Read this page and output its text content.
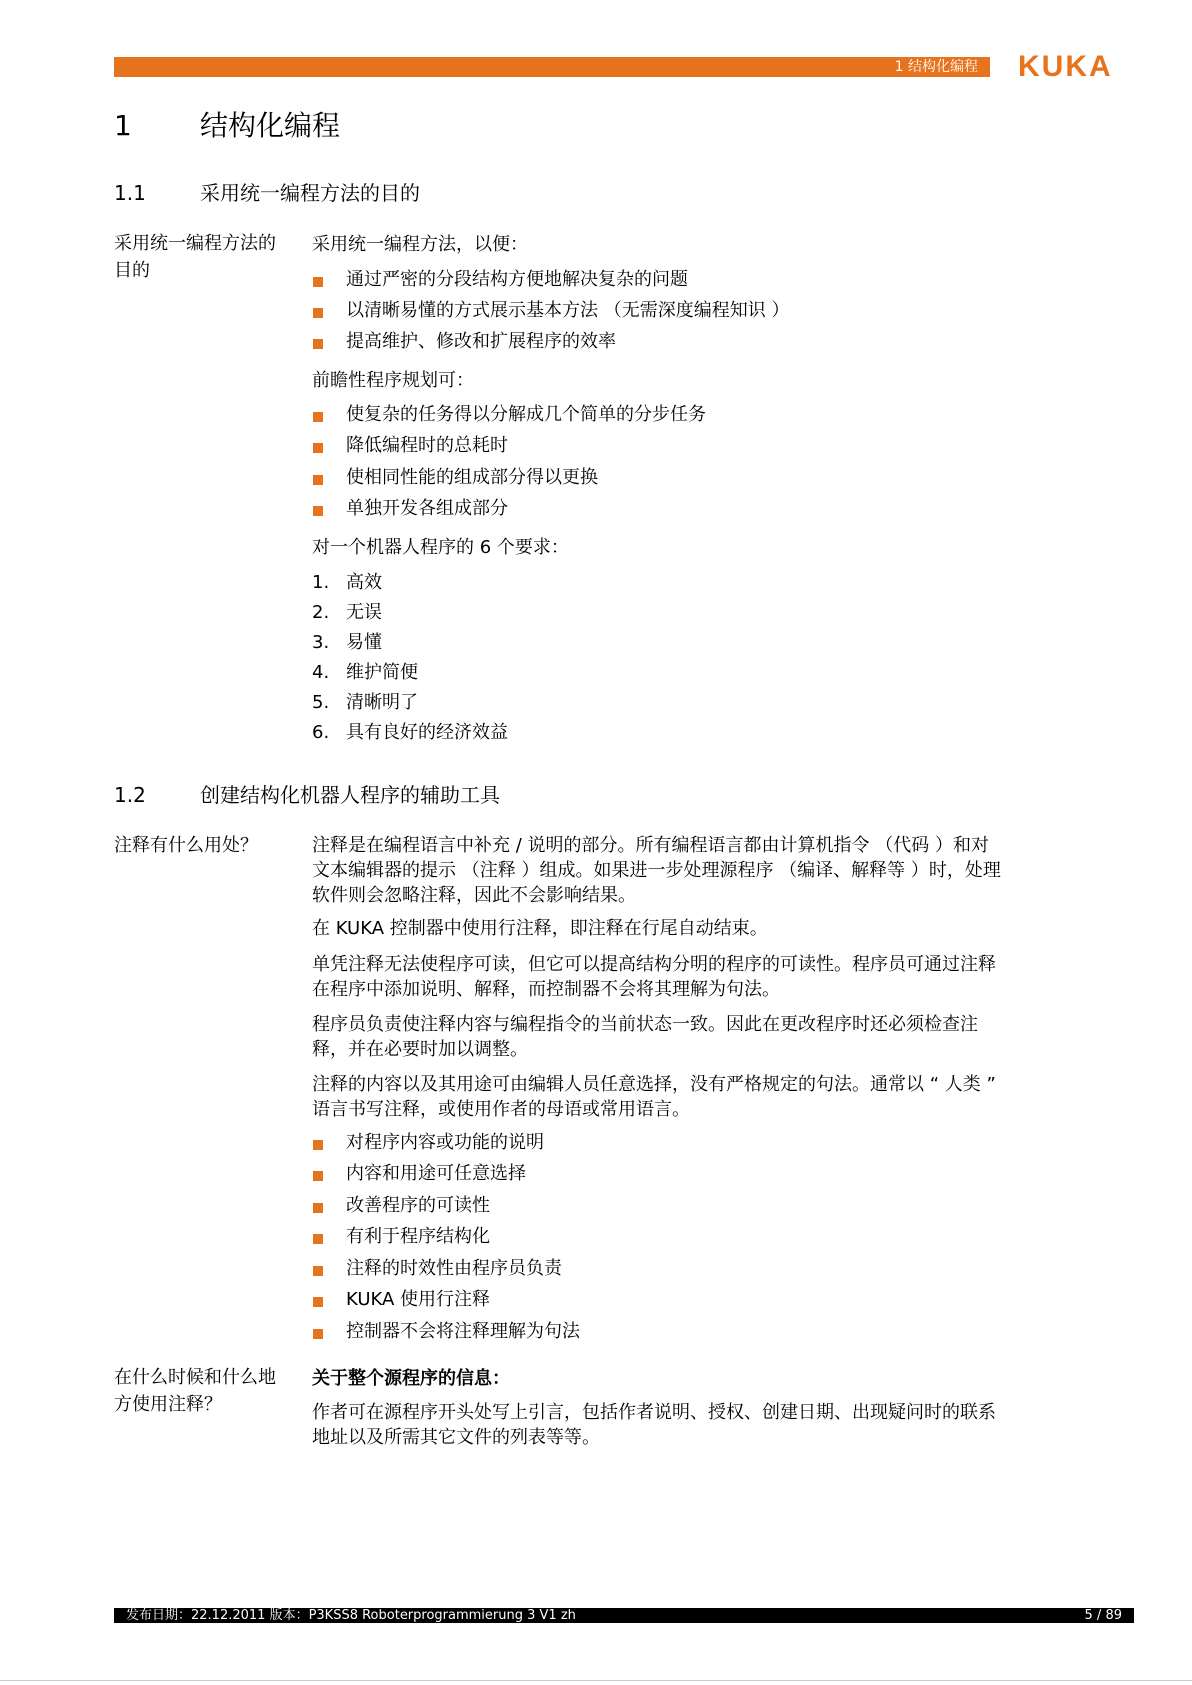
1 结构化编程 KUKA
1 结构化编程
1.1	采用统一编程方法的目的
采用统一编程方法的目的
采用统一编程方法，以便：
通过严密的分段结构方便地解决复杂的问题
以清晰易懂的方式展示基本方法 （无需深度编程知识 ）
提高维护、修改和扩展程序的效率
前瞻性程序规划可：
使复杂的任务得以分解成几个简单的分步任务
降低编程时的总耗时
使相同性能的组成部分得以更换
单独开发各组成部分
对一个机器人程序的 6 个要求：
1. 高效
2. 无误
3. 易懂
4. 维护简便
5. 清晰明了
6. 具有良好的经济效益
1.2	创建结构化机器人程序的辅助工具
注释有什么用处？	注释是在编程语言中补充 / 说明的部分。所有编程语言都由计算机指令 （代码 ）和对文本编辑器的提示 （注释 ）组成。如果进一步处理源程序 （编译、解释等 ）时，处理软件则会忽略注释，因此不会影响结果。
在 KUKA 控制器中使用行注释，即注释在行尾自动结束。
单凭注释无法使程序可读，但它可以提高结构分明的程序的可读性。程序员可通过注释在程序中添加说明、解释，而控制器不会将其理解为句法。
程序员负责使注释内容与编程指令的当前状态一致。因此在更改程序时还必须检查注释，并在必要时加以调整。
注释的内容以及其用途可由编辑人员任意选择，没有严格规定的句法。通常以 “ 人类 ” 语言书写注释，或使用作者的母语或常用语言。
对程序内容或功能的说明
内容和用途可任意选择
改善程序的可读性
有利于程序结构化
注释的时效性由程序员负责
KUKA 使用行注释
控制器不会将注释理解为句法
在什么时候和什么地方使用注释？
关于整个源程序的信息：
作者可在源程序开头处写上引言，包括作者说明、授权、创建日期、出现疑问时的联系地址以及所需其它文件的列表等等。
发布日期：22.12.2011 版本：P3KSS8 Roboterprogrammierung 3 V1 zh	5 / 89
